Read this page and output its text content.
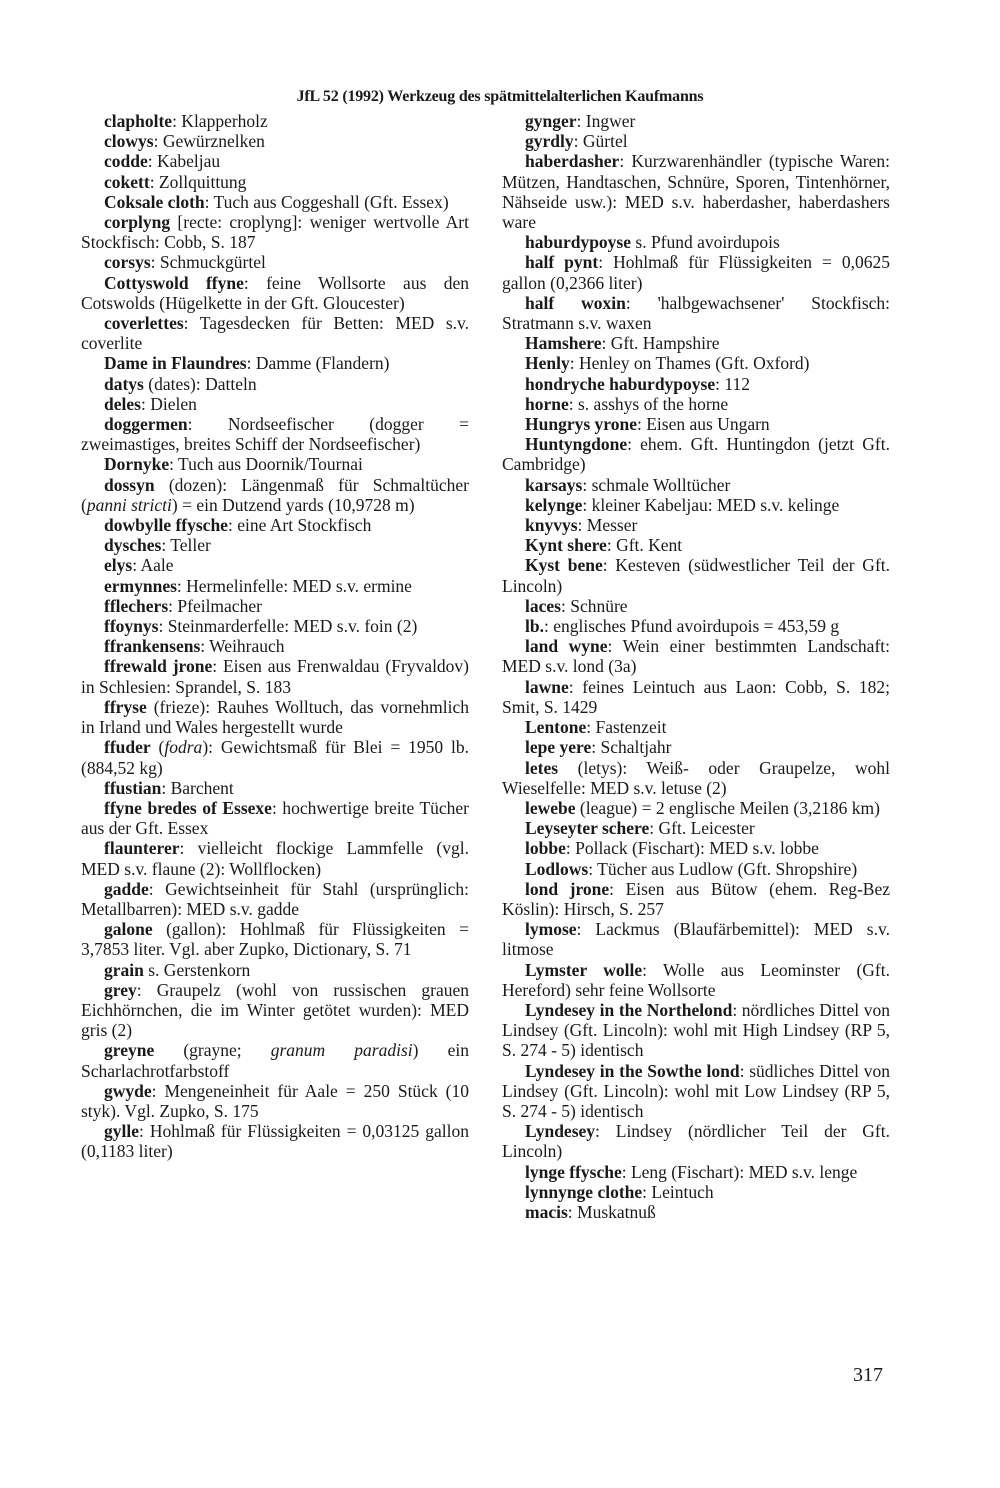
JfL 52 (1992) Werkzeug des spätmittelalterlichen Kaufmanns

clapholte: Klapperholz

clowys: Gewürznelken

codde: Kabeljau

cokett: Zollquittung

Coksale cloth: Tuch aus Coggeshall (Gft. Essex)

corplyng [recte: croplyng]: weniger wertvolle Art Stockfisch: Cobb, S. 187

corsys: Schmuckgürtel

Cottyswold ffyne: feine Wollsorte aus den Cotswolds (Hügelkette in der Gft. Gloucester)

coverlettes: Tagesdecken für Betten: MED s.v. coverlite

Dame in Flaundres: Damme (Flandern)

datys (dates): Datteln

deles: Dielen

doggermen: Nordseefischer (dogger = zweimastiges, breites Schiff der Nordseefischer)

Dornyke: Tuch aus Doornik/Tournai

dossyn (dozen): Längenmaß für Schmaltücher (panni stricti) = ein Dutzend yards (10,9728 m)

dowbylle ffysche: eine Art Stockfisch

dysches: Teller

elys: Aale

ermynnes: Hermelinfelle: MED s.v. ermine

fflechers: Pfeilmacher

ffoynys: Steinmarderfelle: MED s.v. foin (2)

ffrankensens: Weihrauch

ffrewald jrone: Eisen aus Frenwaldau (Fryvaldov) in Schlesien: Sprandel, S. 183

ffryse (frieze): Rauhes Wolltuch, das vornehmlich in Irland und Wales hergestellt wurde

ffuder (fodra): Gewichtsmaß für Blei = 1950 lb. (884,52 kg)

ffustian: Barchent

ffyne bredes of Essexe: hochwertige breite Tücher aus der Gft. Essex

flaunterer: vielleicht flockige Lammfelle (vgl. MED s.v. flaune (2): Wollflocken)

gadde: Gewichtseinheit für Stahl (ursprünglich: Metallbarren): MED s.v. gadde

galone (gallon): Hohlmaß für Flüssigkeiten = 3,7853 liter. Vgl. aber Zupko, Dictionary, S. 71

grain s. Gerstenkorn

grey: Graupelz (wohl von russischen grauen Eichhörnchen, die im Winter getötet wurden): MED gris (2)

greyne (grayne; granum paradisi) ein Scharlachrotfarbstoff

gwyde: Mengeneinheit für Aale = 250 Stück (10 styk). Vgl. Zupko, S. 175

gylle: Hohlmaß für Flüssigkeiten = 0,03125 gallon (0,1183 liter)

gynger: Ingwer

gyrdly: Gürtel

haberdasher: Kurzwarenhändler (typische Waren: Mützen, Handtaschen, Schnüre, Sporen, Tintenhörner, Nähseide usw.): MED s.v. haberdasher, haberdashers ware

haburdypoyse s. Pfund avoirdupois

half pynt: Hohlmaß für Flüssigkeiten = 0,0625 gallon (0,2366 liter)

half woxin: 'halbgewachsener' Stockfisch: Stratmann s.v. waxen

Hamshere: Gft. Hampshire

Henly: Henley on Thames (Gft. Oxford)

hondryche haburdypoyse: 112

horne: s. asshys of the horne

Hungrys yrone: Eisen aus Ungarn

Huntyngdone: ehem. Gft. Huntingdon (jetzt Gft. Cambridge)

karsays: schmale Wolltücher

kelynge: kleiner Kabeljau: MED s.v. kelinge

knyvys: Messer

Kynt shere: Gft. Kent

Kyst bene: Kesteven (südwestlicher Teil der Gft. Lincoln)

laces: Schnüre

lb.: englisches Pfund avoirdupois = 453,59 g

land wyne: Wein einer bestimmten Landschaft: MED s.v. lond (3a)

lawne: feines Leintuch aus Laon: Cobb, S. 182; Smit, S. 1429

Lentone: Fastenzeit

lepe yere: Schaltjahr

letes (letys): Weiß- oder Graupelze, wohl Wieselfelle: MED s.v. letuse (2)

lewebe (league) = 2 englische Meilen (3,2186 km)

Leyseyter schere: Gft. Leicester

lobbe: Pollack (Fischart): MED s.v. lobbe

Lodlows: Tücher aus Ludlow (Gft. Shropshire)

lond jrone: Eisen aus Bütow (ehem. Reg-Bez Köslin): Hirsch, S. 257

lymose: Lackmus (Blaufärbemittel): MED s.v. litmose

Lymster wolle: Wolle aus Leominster (Gft. Hereford) sehr feine Wollsorte

Lyndesey in the Northelond: nördliches Dittel von Lindsey (Gft. Lincoln): wohl mit High Lindsey (RP 5, S. 274 - 5) identisch

Lyndesey in the Sowthe lond: südliches Dittel von Lindsey (Gft. Lincoln): wohl mit Low Lindsey (RP 5, S. 274 - 5) identisch

Lyndesey: Lindsey (nördlicher Teil der Gft. Lincoln)

lynge ffysche: Leng (Fischart): MED s.v. lenge

lynnynge clothe: Leintuch

macis: Muskatnuß

317
